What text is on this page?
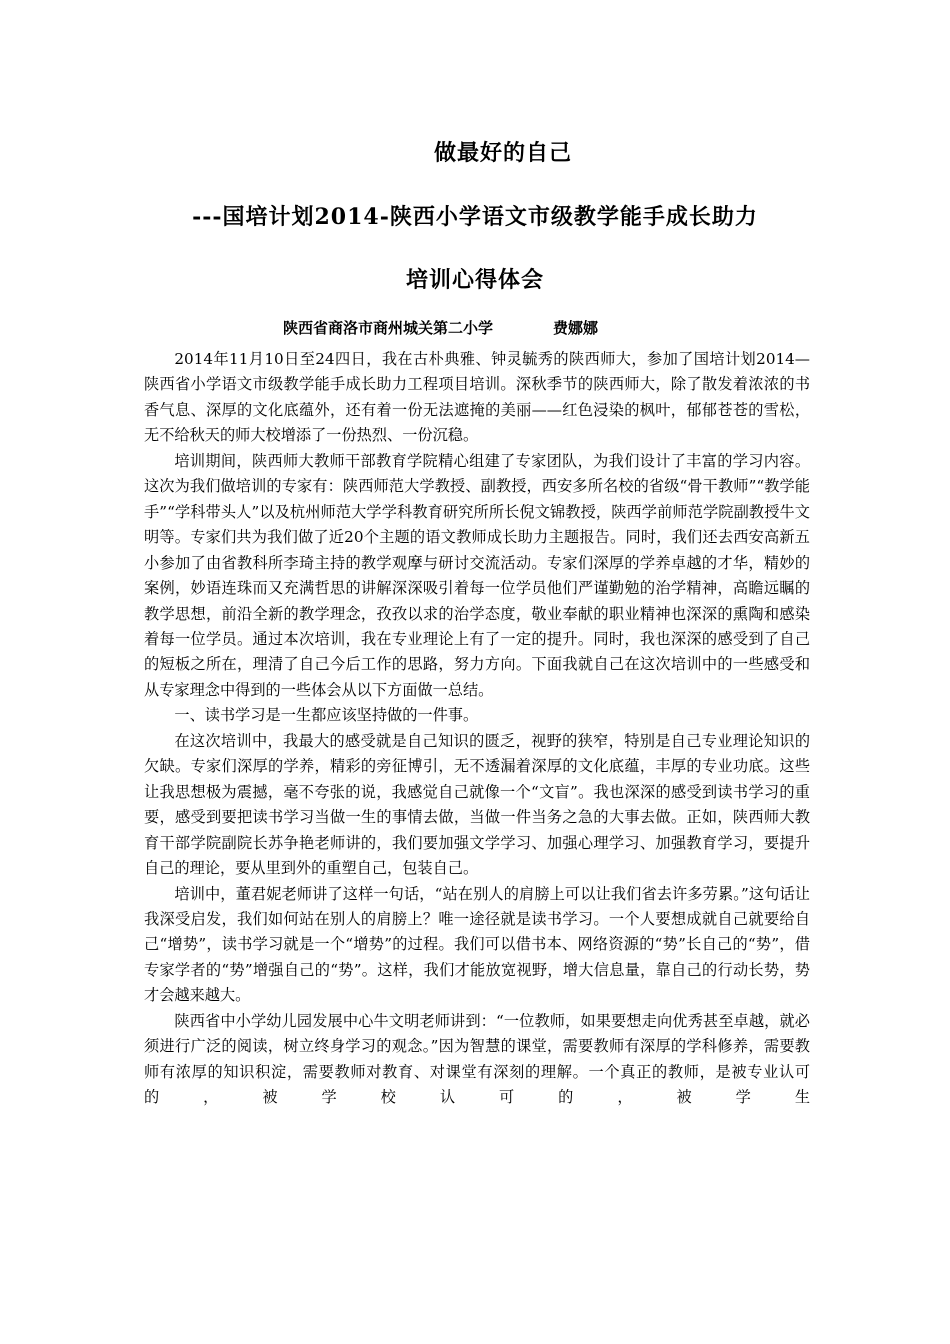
做最好的自己
---国培计划2014-陕西小学语文市级教学能手成长助力
培训心得体会

陕西省商洛市商州城关第二小学	费娜娜

2014年11月10日至24四日，我在古朴典雅、钟灵毓秀的陕西师大，参加了国培计划2014—陕西省小学语文市级教学能手成长助力工程项目培训。深秋季节的陕西师大，除了散发着浓浓的书香气息、深厚的文化底蕴外，还有着一份无法遮掩的美丽——红色浸染的枫叶，郁郁苍苍的雪松，无不给秋天的师大校增添了一份热烈、一份沉稳。

培训期间，陕西师大教师干部教育学院精心组建了专家团队，为我们设计了丰富的学习内容。这次为我们做培训的专家有：陕西师范大学教授、副教授，西安多所名校的省级“骨干教师”“教学能手”“学科带头人”以及杭州师范大学学科教育研究所所长倪文锦教授，陕西学前师范学院副教授牛文明等。专家们共为我们做了近20个主题的语文教师成长助力主题报告。同时，我们还去西安高新五小参加了由省教科所李琦主持的教学观摩与研讨交流活动。专家们深厚的学养卓越的才华，精妙的案例，妙语连珠而又充满哲思的讲解深深吸引着每一位学员他们严谨勤勉的治学精神，高瞻远瞩的教学思想，前沿全新的教学理念，孜孜以求的治学态度，敬业奉献的职业精神也深深的熏陶和感染着每一位学员。通过本次培训，我在专业理论上有了一定的提升。同时，我也深深的感受到了自己的短板之所在，理清了自己今后工作的思路，努力方向。下面我就自己在这次培训中的一些感受和从专家理念中得到的一些体会从以下方面做一总结。

一、读书学习是一生都应该坚持做的一件事。

在这次培训中，我最大的感受就是自己知识的匮乏，视野的狭窄，特别是自己专业理论知识的欠缺。专家们深厚的学养，精彩的旁征博引，无不透漏着深厚的文化底蕴，丰厚的专业功底。这些让我思想极为震撼，毫不夸张的说，我感觉自己就像一个“文盲”。我也深深的感受到读书学习的重要，感受到要把读书学习当做一生的事情去做，当做一件当务之急的大事去做。正如，陕西师大教育干部学院副院长苏争艳老师讲的，我们要加强文学学习、加强心理学习、加强教育学习，要提升自己的理论，要从里到外的重塑自己，包装自己。

培训中，董君妮老师讲了这样一句话，“站在别人的肩膀上可以让我们省去许多劳累。”这句话让我深受启发，我们如何站在别人的肩膀上？唯一途径就是读书学习。一个人要想成就自己就要给自己“增势”，读书学习就是一个“增势”的过程。我们可以借书本、网络资源的“势”长自己的“势”，借专家学者的“势”增强自己的“势”。这样，我们才能放宽视野，增大信息量，靠自己的行动长势，势才会越来越大。

陕西省中小学幼儿园发展中心牛文明老师讲到：“一位教师，如果要想走向优秀甚至卓越，就必须进行广泛的阅读，树立终身学习的观念。”因为智慧的课堂，需要教师有深厚的学科修养，需要教师有浓厚的知识积淀，需要教师对教育、对课堂有深刻的理解。一个真正的教师，是被专业认可的，被学校认可的，被学生
